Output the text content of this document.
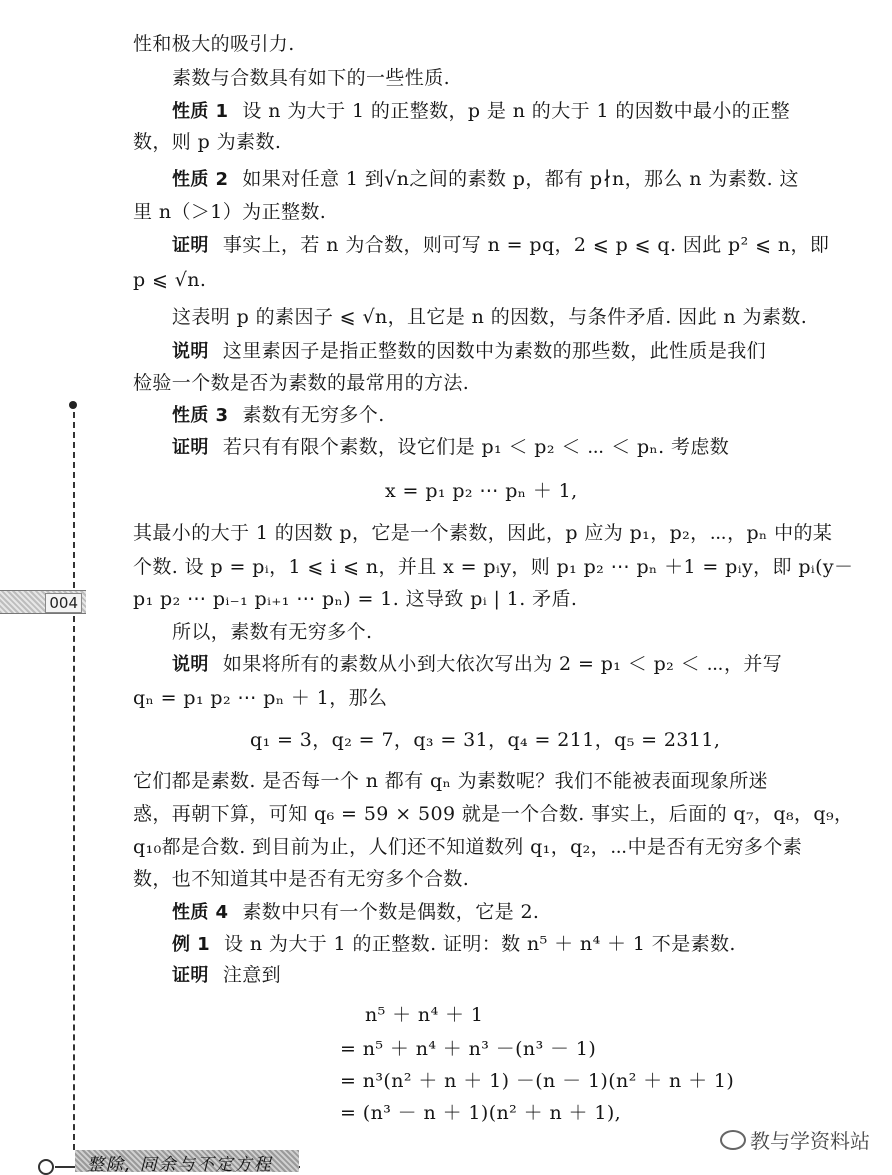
性和极大的吸引力.
素数与合数具有如下的一些性质.
性质 1 设 n 为大于 1 的正整数，p 是 n 的大于 1 的因数中最小的正整
数，则 p 为素数.
性质 2 如果对任意 1 到√n之间的素数 p，都有 p∤n，那么 n 为素数. 这
里 n（＞1）为正整数.
证明 事实上，若 n 为合数，则可写 n = pq，2 ⩽ p ⩽ q. 因此 p² ⩽ n，即
p ⩽ √n.
这表明 p 的素因子 ⩽ √n，且它是 n 的因数，与条件矛盾. 因此 n 为素数.
说明 这里素因子是指正整数的因数中为素数的那些数，此性质是我们
检验一个数是否为素数的最常用的方法.
性质 3 素数有无穷多个.
证明 若只有有限个素数，设它们是 p₁ ＜ p₂ ＜ ⋯ ＜ pₙ. 考虑数
x = p₁ p₂ ⋯ pₙ ＋ 1,
其最小的大于 1 的因数 p，它是一个素数，因此，p 应为 p₁，p₂，⋯，pₙ 中的某
个数. 设 p = pᵢ，1 ⩽ i ⩽ n，并且 x = pᵢy，则 p₁ p₂ ⋯ pₙ ＋1 = pᵢy，即 pᵢ(y－
p₁ p₂ ⋯ pᵢ₋₁ pᵢ₊₁ ⋯ pₙ) = 1. 这导致 pᵢ | 1. 矛盾.
所以，素数有无穷多个.
说明 如果将所有的素数从小到大依次写出为 2 = p₁ ＜ p₂ ＜ ⋯，并写
qₙ = p₁ p₂ ⋯ pₙ ＋ 1，那么
q₁ = 3，q₂ = 7，q₃ = 31，q₄ = 211，q₅ = 2311,
它们都是素数. 是否每一个 n 都有 qₙ 为素数呢？我们不能被表面现象所迷
惑，再朝下算，可知 q₆ = 59 × 509 就是一个合数. 事实上，后面的 q₇，q₈，q₉，
q₁₀都是合数. 到目前为止，人们还不知道数列 q₁，q₂，⋯中是否有无穷多个素
数，也不知道其中是否有无穷多个合数.
性质 4 素数中只有一个数是偶数，它是 2.
例 1 设 n 为大于 1 的正整数. 证明：数 n⁵ ＋ n⁴ ＋ 1 不是素数.
证明 注意到
n⁵ ＋ n⁴ ＋ 1
= n⁵ ＋ n⁴ ＋ n³ －(n³ － 1)
= n³(n² ＋ n ＋ 1) －(n － 1)(n² ＋ n ＋ 1)
= (n³ － n ＋ 1)(n² ＋ n ＋ 1),
004
整除, 同余与不定方程
教与学资料站
